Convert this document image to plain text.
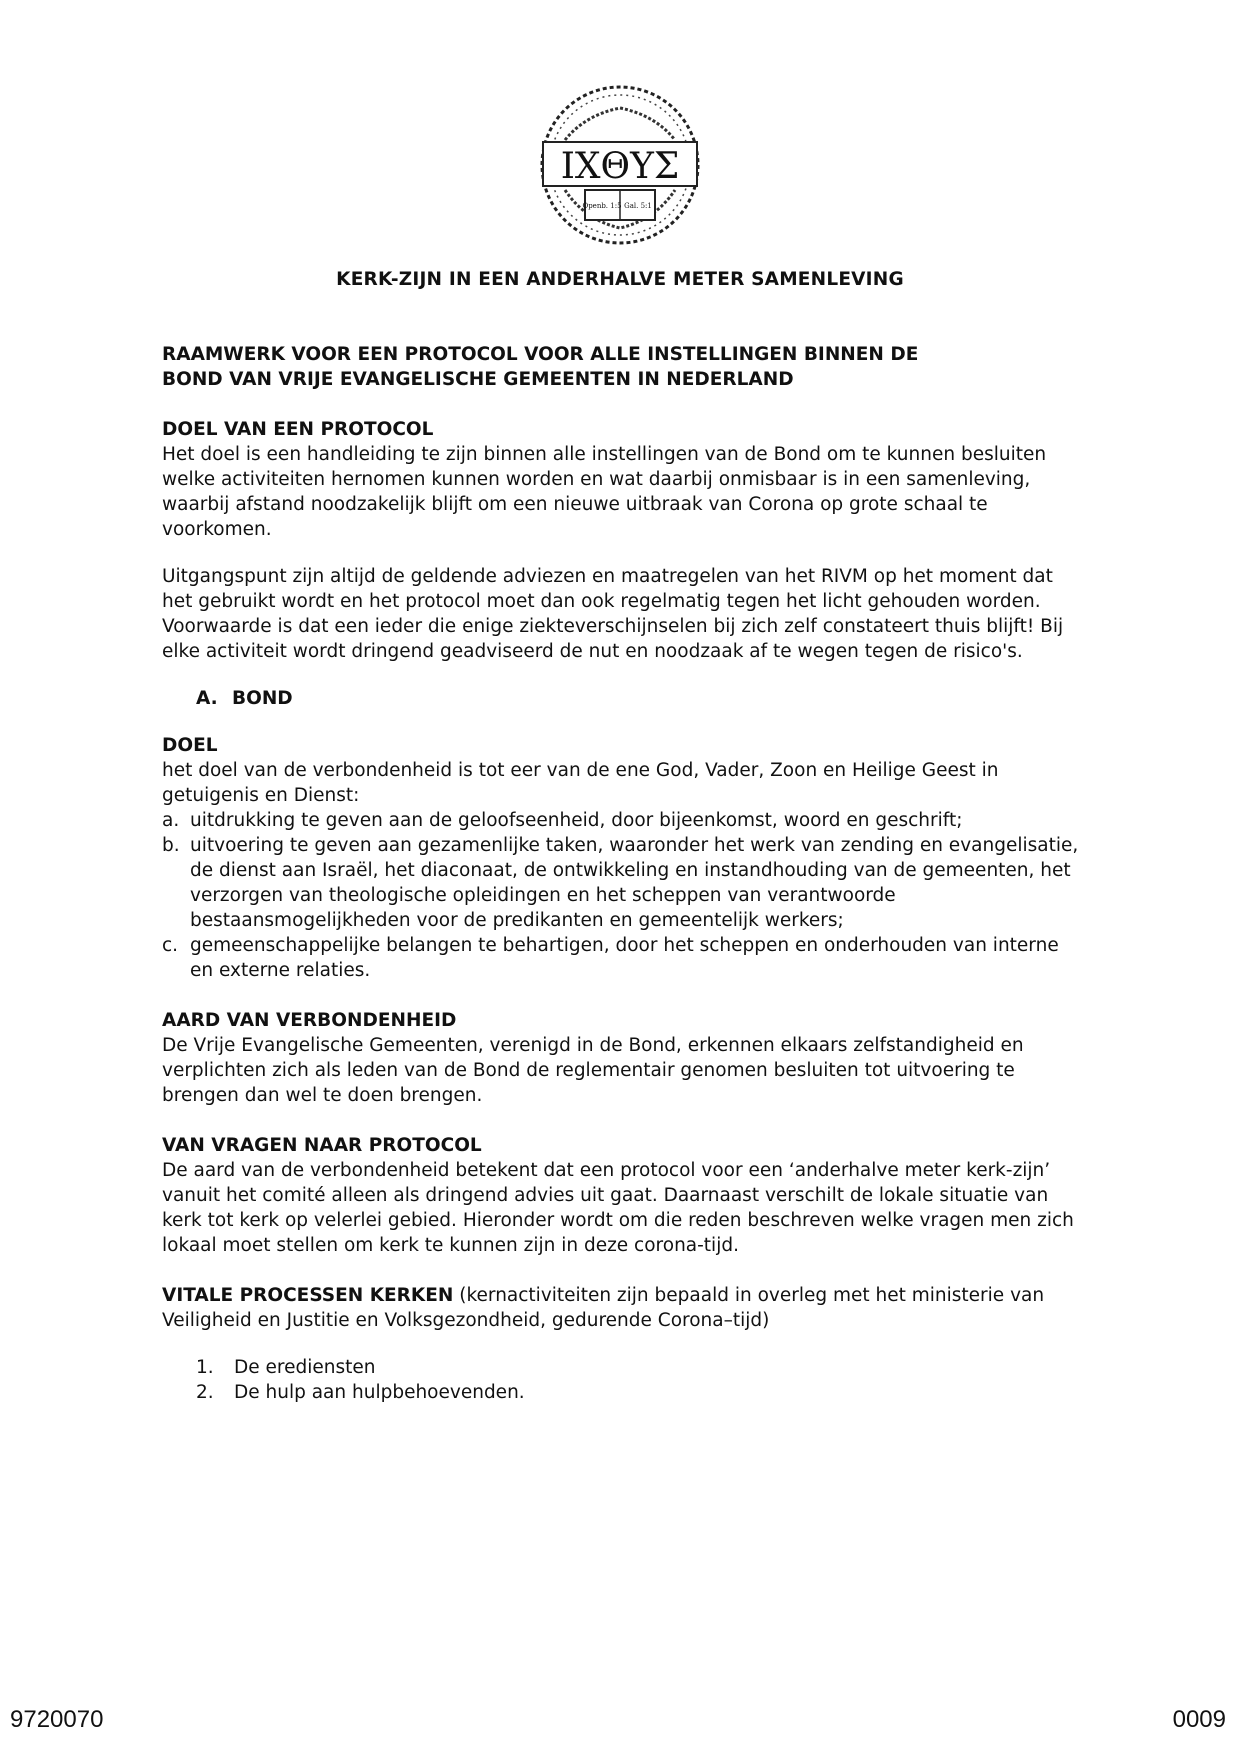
ΙΧΘΥΣ
Openb. 1:5 Gal. 5:1
KERK-ZIJN IN EEN ANDERHALVE METER SAMENLEVING

RAAMWERK VOOR EEN PROTOCOL VOOR ALLE INSTELLINGEN BINNEN DE

BOND VAN VRIJE EVANGELISCHE GEMEENTEN IN NEDERLAND

DOEL VAN EEN PROTOCOL

Het doel is een handleiding te zijn binnen alle instellingen van de Bond om te kunnen besluiten welke activiteiten hernomen kunnen worden en wat daarbij onmisbaar is in een samenleving, waarbij afstand noodzakelijk blijft om een nieuwe uitbraak van Corona op grote schaal te voorkomen.

Uitgangspunt zijn altijd de geldende adviezen en maatregelen van het RIVM op het moment dat het gebruikt wordt en het protocol moet dan ook regelmatig tegen het licht gehouden worden. Voorwaarde is dat een ieder die enige ziekteverschijnselen bij zich zelf constateert thuis blijft! Bij elke activiteit wordt dringend geadviseerd de nut en noodzaak af te wegen tegen de risico's.

A. BOND

DOEL

het doel van de verbondenheid is tot eer van de ene God, Vader, Zoon en Heilige Geest in getuigenis en Dienst:

a. uitdrukking te geven aan de geloofseenheid, door bijeenkomst, woord en geschrift;
b. uitvoering te geven aan gezamenlijke taken, waaronder het werk van zending en evangelisatie, de dienst aan Israël, het diaconaat, de ontwikkeling en instandhouding van de gemeenten, het verzorgen van theologische opleidingen en het scheppen van verantwoorde bestaansmogelijkheden voor de predikanten en gemeentelijk werkers;
c. gemeenschappelijke belangen te behartigen, door het scheppen en onderhouden van interne en externe relaties.

AARD VAN VERBONDENHEID

De Vrije Evangelische Gemeenten, verenigd in de Bond, erkennen elkaars zelfstandigheid en verplichten zich als leden van de Bond de reglementair genomen besluiten tot uitvoering te brengen dan wel te doen brengen.

VAN VRAGEN NAAR PROTOCOL

De aard van de verbondenheid betekent dat een protocol voor een ‘anderhalve meter kerk-zijn’ vanuit het comité alleen als dringend advies uit gaat. Daarnaast verschilt de lokale situatie van kerk tot kerk op velerlei gebied. Hieronder wordt om die reden beschreven welke vragen men zich lokaal moet stellen om kerk te kunnen zijn in deze corona-tijd.

VITALE PROCESSEN KERKEN (kernactiviteiten zijn bepaald in overleg met het ministerie van Veiligheid en Justitie en Volksgezondheid, gedurende Corona–tijd)

1. De erediensten
2. De hulp aan hulpbehoevenden.
9720070	0009
